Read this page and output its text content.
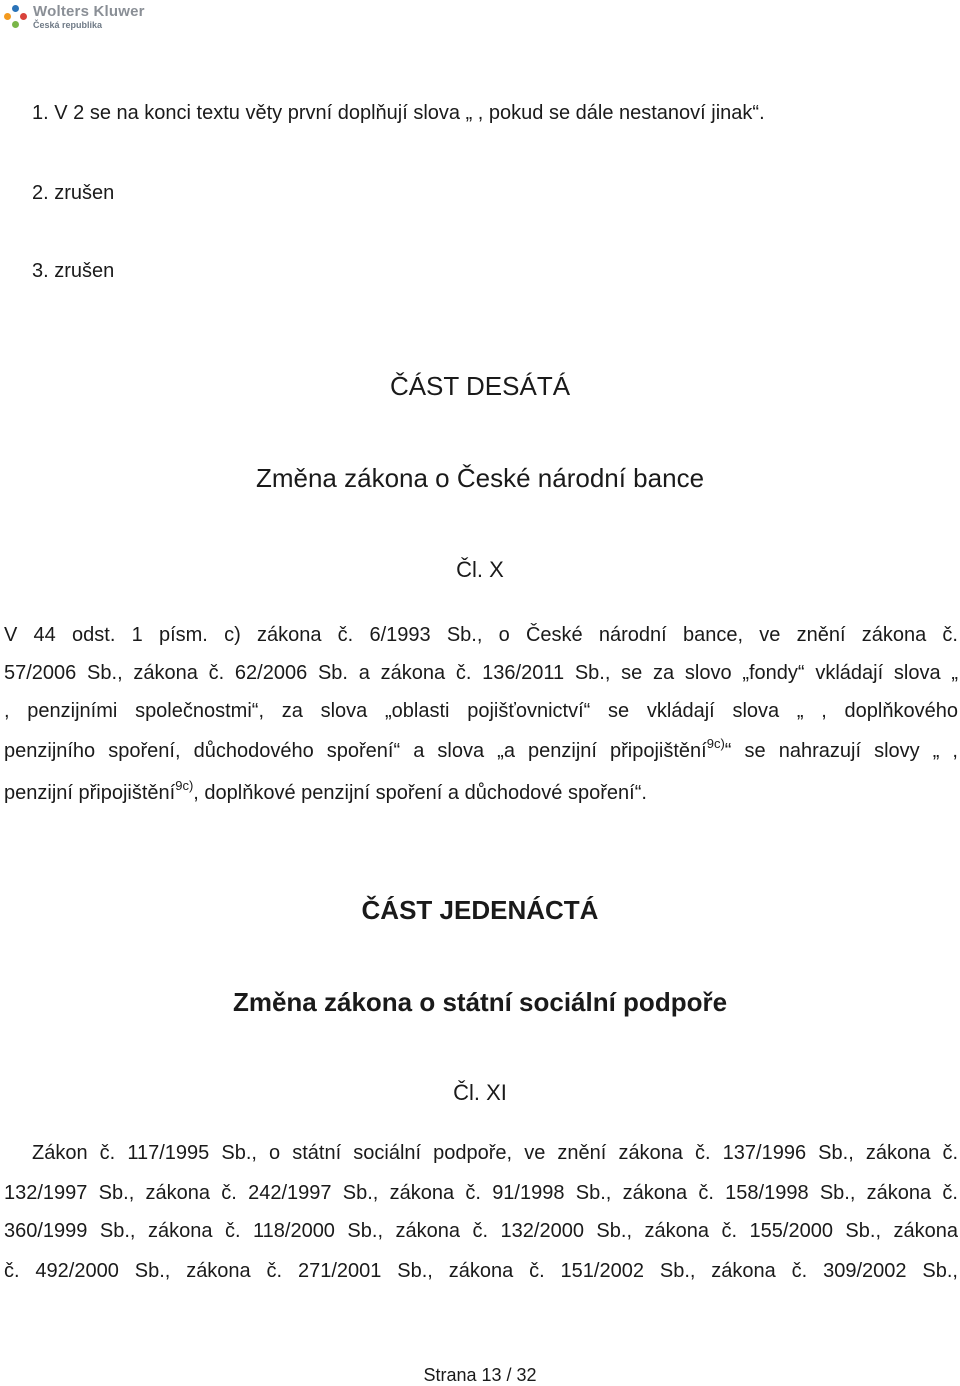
Wolters Kluwer
Česká republika
1. V 2 se na konci textu věty první doplňují slova „ , pokud se dále nestanoví jinak“.
2. zrušen
3. zrušen
ČÁST DESÁTÁ
Změna zákona o České národní bance
Čl. X
V 44 odst. 1 písm. c) zákona č. 6/1993 Sb., o České národní bance, ve znění zákona č.
57/2006 Sb., zákona č. 62/2006 Sb. a zákona č. 136/2011 Sb., se za slovo „fondy“ vkládají slova „
, penzijními společnostmi“, za slova „oblasti pojišťovnictví“ se vkládají slova „ , doplňkového
penzijního spoření, důchodového spoření“ a slova „a penzijní připojištění$^{9c)}$“ se nahrazují slovy „ ,
penzijní připojištění$^{9c)}$, doplňkové penzijní spoření a důchodové spoření“.
ČÁST JEDENÁCTÁ
Změna zákona o státní sociální podpoře
Čl. XI
Zákon č. 117/1995 Sb., o státní sociální podpoře, ve znění zákona č. 137/1996 Sb., zákona č.
132/1997 Sb., zákona č. 242/1997 Sb., zákona č. 91/1998 Sb., zákona č. 158/1998 Sb., zákona č.
360/1999 Sb., zákona č. 118/2000 Sb., zákona č. 132/2000 Sb., zákona č. 155/2000 Sb., zákona
č. 492/2000 Sb., zákona č. 271/2001 Sb., zákona č. 151/2002 Sb., zákona č. 309/2002 Sb.,
Strana 13 / 32
